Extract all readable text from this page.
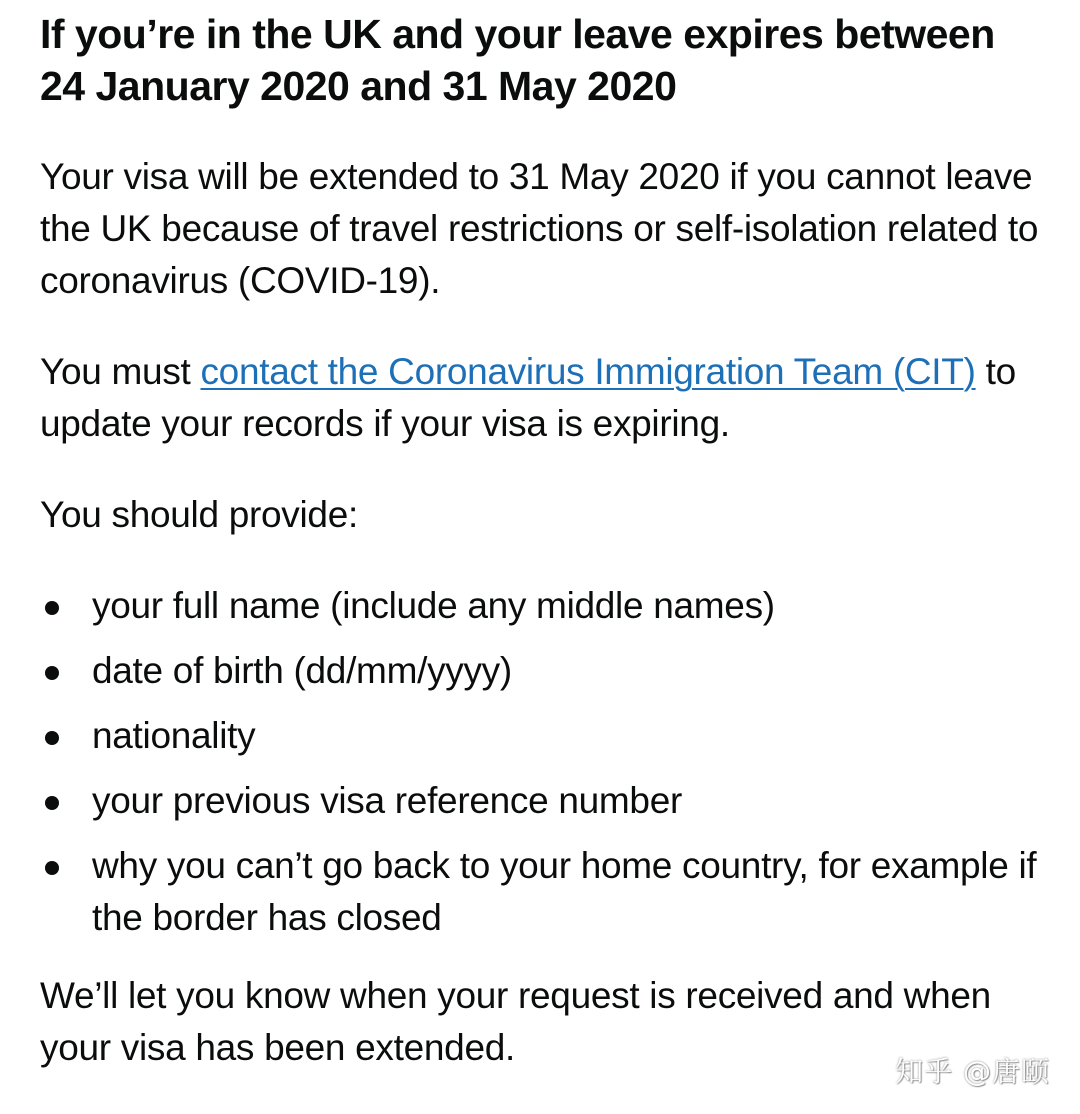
If you’re in the UK and your leave expires between 24 January 2020 and 31 May 2020

Your visa will be extended to 31 May 2020 if you cannot leave the UK because of travel restrictions or self-isolation related to coronavirus (COVID-19).

You must contact the Coronavirus Immigration Team (CIT) to update your records if your visa is expiring.

You should provide:

your full name (include any middle names)
date of birth (dd/mm/yyyy)
nationality
your previous visa reference number
why you can’t go back to your home country, for example if the border has closed

We’ll let you know when your request is received and when your visa has been extended.

知乎 @唐颐
